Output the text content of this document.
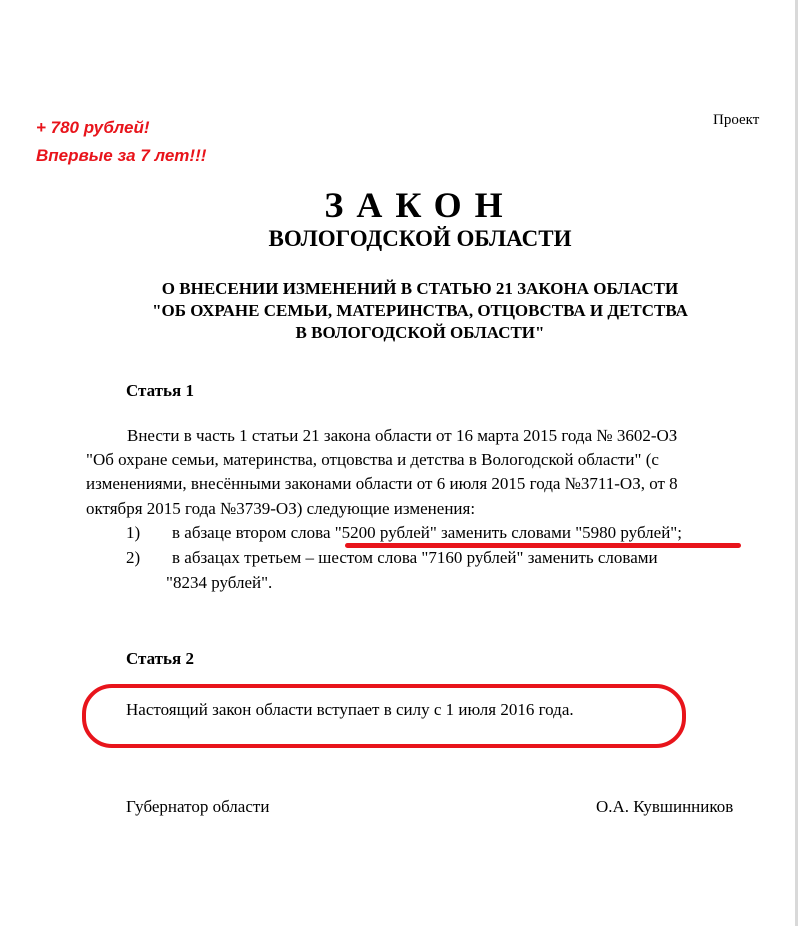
+ 780 рублей!
Впервые за 7 лет!!!
Проект
ЗАКОН
ВОЛОГОДСКОЙ ОБЛАСТИ
О ВНЕСЕНИИ ИЗМЕНЕНИЙ В СТАТЬЮ 21 ЗАКОНА ОБЛАСТИ
"ОБ ОХРАНЕ СЕМЬИ, МАТЕРИНСТВА, ОТЦОВСТВА И ДЕТСТВА
В ВОЛОГОДСКОЙ ОБЛАСТИ"
Статья 1
Внести в часть 1 статьи 21 закона области от 16 марта 2015 года № 3602-ОЗ
"Об охране семьи, материнства, отцовства и детства в Вологодской области" (с
изменениями, внесёнными законами области от 6 июля 2015 года №3711-ОЗ, от 8
октября 2015 года №3739-ОЗ) следующие изменения:
1) в абзаце втором слова "5200 рублей" заменить словами "5980 рублей";
2) в абзацах третьем – шестом слова "7160 рублей" заменить словами
"8234 рублей".
Статья 2
Настоящий закон области вступает в силу с 1 июля 2016 года.
Губернатор области	О.А. Кувшинников
